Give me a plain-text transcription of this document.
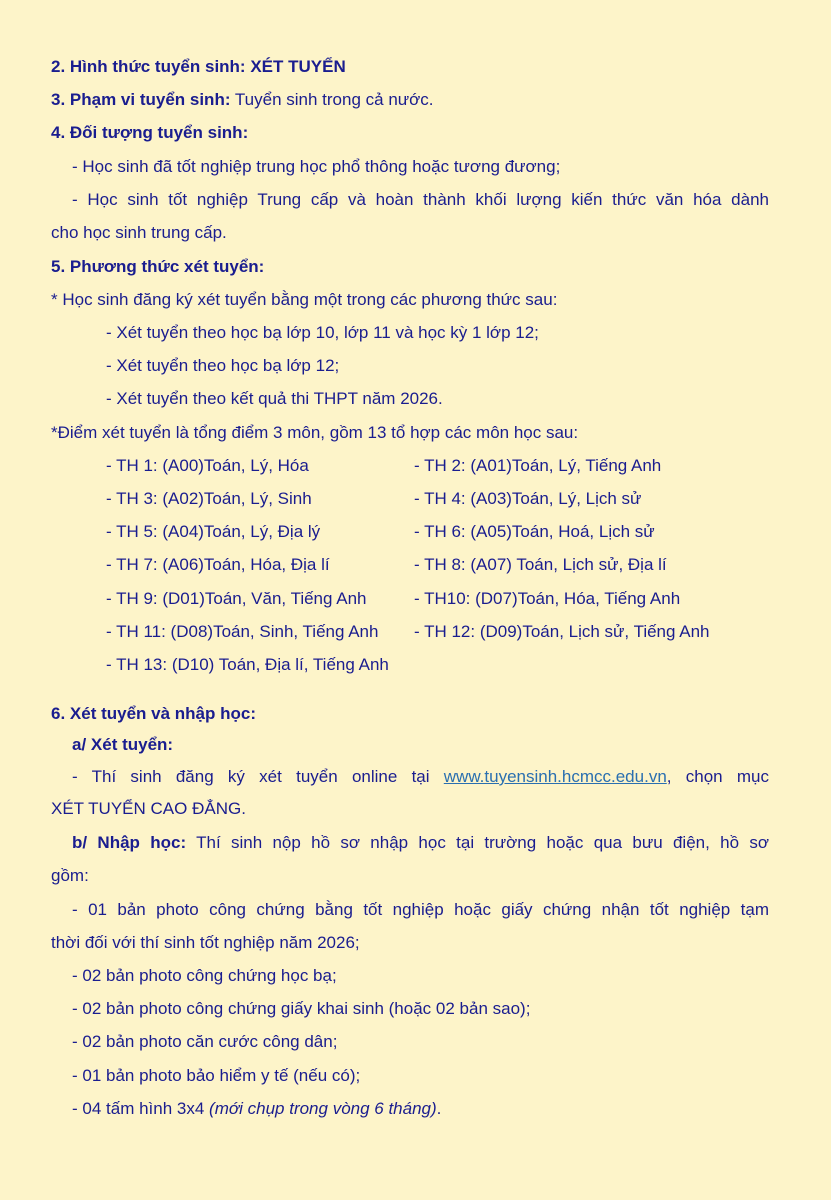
2. Hình thức tuyển sinh: XÉT TUYỂN
3. Phạm vi tuyển sinh: Tuyển sinh trong cả nước.
4. Đối tượng tuyển sinh:
- Học sinh đã tốt nghiệp trung học phổ thông hoặc tương đương;
- Học sinh tốt nghiệp Trung cấp và hoàn thành khối lượng kiến thức văn hóa dành
cho học sinh trung cấp.
5. Phương thức xét tuyển:
* Học sinh đăng ký xét tuyển bằng một trong các phương thức sau:
- Xét tuyển theo học bạ lớp 10, lớp 11 và học kỳ 1 lớp 12;
- Xét tuyển theo học bạ lớp 12;
- Xét tuyển theo kết quả thi THPT năm 2026.
*Điểm xét tuyển là tổng điểm 3 môn, gồm 13 tổ hợp các môn học sau:
- TH 1: (A00)Toán, Lý, Hóa	- TH 2: (A01)Toán, Lý, Tiếng Anh
- TH 3: (A02)Toán, Lý, Sinh	- TH 4: (A03)Toán, Lý, Lịch sử
- TH 5: (A04)Toán, Lý, Địa lý	- TH 6: (A05)Toán, Hoá, Lịch sử
- TH 7: (A06)Toán, Hóa, Địa lí	- TH 8: (A07) Toán, Lịch sử, Địa lí
- TH 9: (D01)Toán, Văn, Tiếng Anh	- TH10: (D07)Toán, Hóa, Tiếng Anh
- TH 11: (D08)Toán, Sinh, Tiếng Anh - TH 12: (D09)Toán, Lịch sử, Tiếng Anh
- TH 13: (D10) Toán, Địa lí, Tiếng Anh
6. Xét tuyển và nhập học:
a/ Xét tuyển:
- Thí sinh đăng ký xét tuyển online tại www.tuyensinh.hcmcc.edu.vn, chọn mục
XÉT TUYỂN CAO ĐẲNG.
b/ Nhập học: Thí sinh nộp hồ sơ nhập học tại trường hoặc qua bưu điện, hồ sơ
gồm:
- 01 bản photo công chứng bằng tốt nghiệp hoặc giấy chứng nhận tốt nghiệp tạm
thời đối với thí sinh tốt nghiệp năm 2026;
- 02 bản photo công chứng học bạ;
- 02 bản photo công chứng giấy khai sinh (hoặc 02 bản sao);
- 02 bản photo căn cước công dân;
- 01 bản photo bảo hiểm y tế (nếu có);
- 04 tấm hình 3x4 (mới chụp trong vòng 6 tháng).
